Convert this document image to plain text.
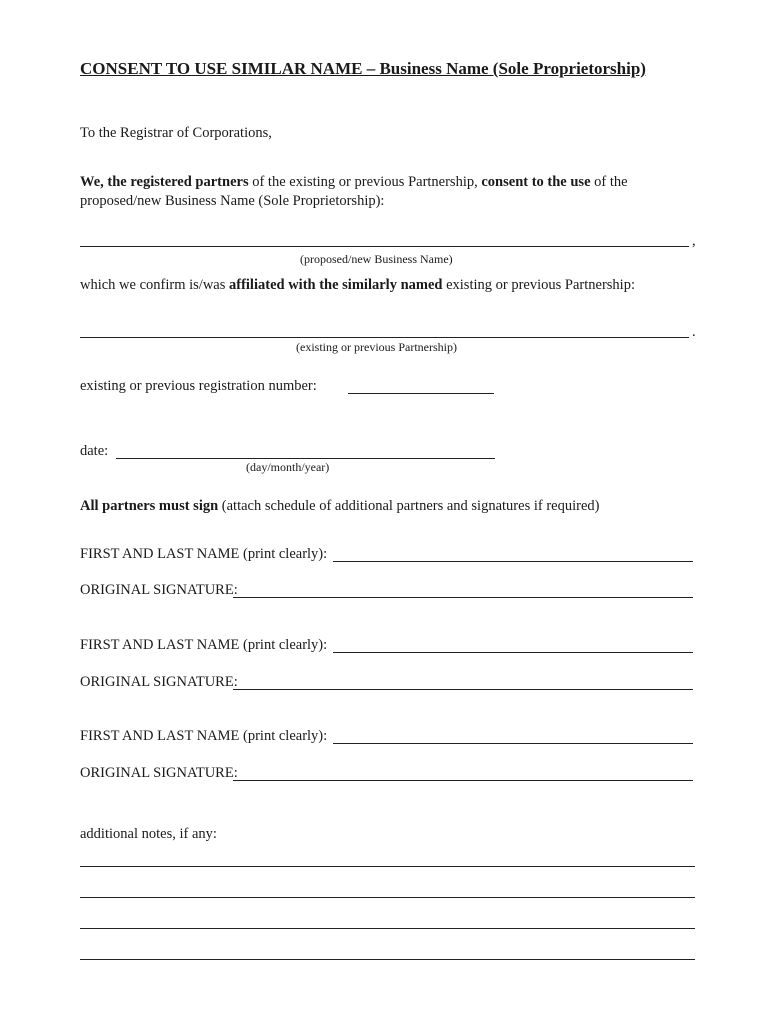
CONSENT TO USE SIMILAR NAME – Business Name (Sole Proprietorship)
To the Registrar of Corporations,
We, the registered partners of the existing or previous Partnership, consent to the use of the
proposed/new Business Name (Sole Proprietorship):
,
(proposed/new Business Name)
which we confirm is/was affiliated with the similarly named existing or previous Partnership:
.
(existing or previous Partnership)
existing or previous registration number:
date:
(day/month/year)
All partners must sign (attach schedule of additional partners and signatures if required)
FIRST AND LAST NAME (print clearly):
ORIGINAL SIGNATURE:
FIRST AND LAST NAME (print clearly):
ORIGINAL SIGNATURE:
FIRST AND LAST NAME (print clearly):
ORIGINAL SIGNATURE:
additional notes, if any:
